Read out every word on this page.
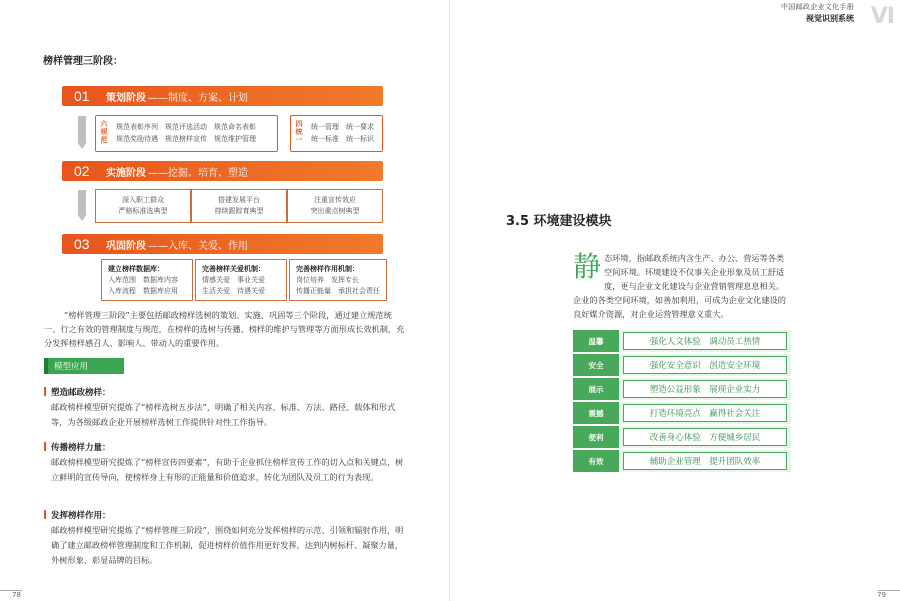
榜样管理三阶段：
01	策划阶段 ——制度、方案、计划
六规范
规范表彰序列　规范评选活动　规范命名表彰
规范奖励待遇　规范榜样宣传　规范维护管理
四统一
统一管理　统一要求
统一标准　统一标识
02	实施阶段 ——挖掘、培育、塑造
深入职工群众
严格标准选典型
搭建发展平台
持续跟踪育典型
注重宣传效应
突出重点树典型
03	巩固阶段 ——入库、关爱、作用
建立榜样数据库：
入库范围　数据库内容
入库流程　数据库应用
完善榜样关爱机制：
情感关爱　事业关爱
生活关爱　待遇关爱
完善榜样作用机制：
岗位培养　发挥专长
传播正能量　承担社会责任
“榜样管理三阶段”主要包括邮政榜样选树的策划、实施、巩固等三个阶段，通过建立规范统一、行之有效的管理制度与规范，在榜样的选树与传播、榜样的维护与管理等方面形成长效机制，充分发挥榜样感召人、影响人、带动人的重要作用。
模型应用
塑造邮政榜样：
邮政榜样模型研究提炼了“榜样选树五步法”，明确了相关内容、标准、方法、路径、载体和形式等，为各级邮政企业开展榜样选树工作提供针对性工作指导。
传播榜样力量：
邮政榜样模型研究提炼了“榜样宣传四要素”，有助于企业抓住榜样宣传工作的切入点和关键点，树立鲜明的宣传导向，使榜样身上有形的正能量和价值追求，转化为团队及员工的行为表现。
发挥榜样作用：
邮政榜样模型研究提炼了“榜样管理三阶段”，围绕如何充分发挥榜样的示范、引领和辐射作用，明确了建立邮政榜样管理制度和工作机制，促进榜样价值作用更好发挥，达到内树标杆、凝聚力量，外树形象、彰显品牌的目标。
78
中国邮政企业文化手册
视觉识别系统 VI
3.5 环境建设模块
静 态环境，指邮政系统内含生产、办公、营运等各类空间环境。环境建设不仅事关企业形象及员工舒适度，更与企业文化建设与企业营销管理息息相关。企业的各类空间环境，如善加利用，可成为企业文化建设的良好媒介资源，对企业运营管理意义重大。
温馨	强化人文体验　调动员工热情
安全	强化安全意识　创造安全环境
展示	塑造公益形象　展现企业实力
震撼	打造环境亮点　赢得社会关注
便利	改善身心体验　方便城乡居民
有效	辅助企业管理　提升团队效率
79
